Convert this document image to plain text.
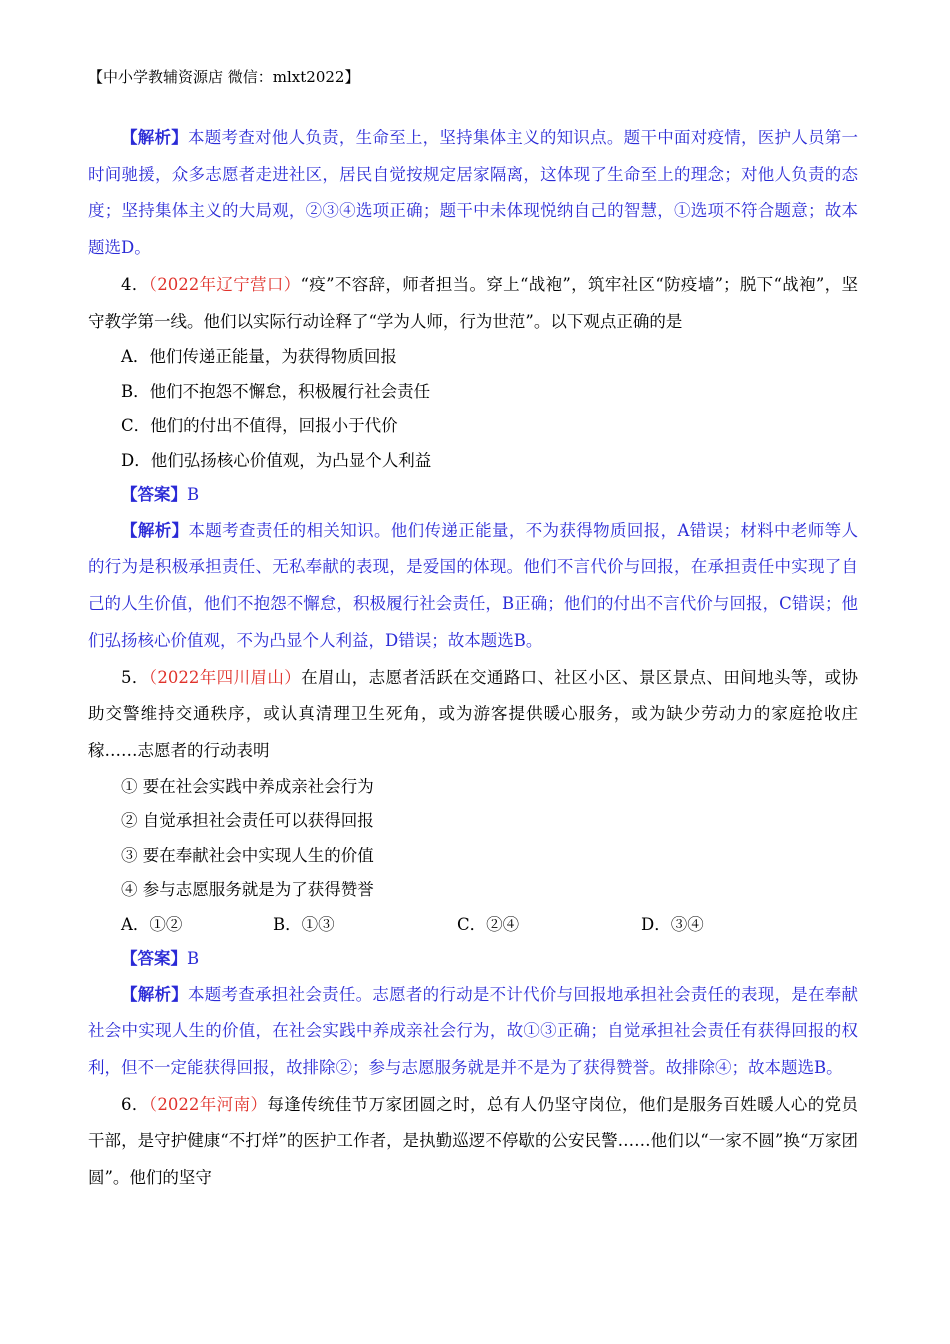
【中小学教辅资源店 微信：mlxt2022】

【解析】本题考查对他人负责，生命至上，坚持集体主义的知识点。题干中面对疫情，医护人员第一时间驰援，众多志愿者走进社区，居民自觉按规定居家隔离，这体现了生命至上的理念；对他人负责的态度；坚持集体主义的大局观，②③④选项正确；题干中未体现悦纳自己的智慧，①选项不符合题意；故本题选D。

4．（2022年辽宁营口）“疫”不容辞，师者担当。穿上“战袍”，筑牢社区“防疫墙”；脱下“战袍”，坚守教学第一线。他们以实际行动诠释了“学为人师，行为世范”。以下观点正确的是

A．他们传递正能量，为获得物质回报
B．他们不抱怨不懈怠，积极履行社会责任
C．他们的付出不值得，回报小于代价
D．他们弘扬核心价值观，为凸显个人利益
【答案】B

【解析】本题考查责任的相关知识。他们传递正能量，不为获得物质回报，A错误；材料中老师等人的行为是积极承担责任、无私奉献的表现，是爱国的体现。他们不言代价与回报，在承担责任中实现了自己的人生价值，他们不抱怨不懈怠，积极履行社会责任，B正确；他们的付出不言代价与回报，C错误；他们弘扬核心价值观，不为凸显个人利益，D错误；故本题选B。

5．（2022年四川眉山）在眉山，志愿者活跃在交通路口、社区小区、景区景点、田间地头等，或协助交警维持交通秩序，或认真清理卫生死角，或为游客提供暖心服务，或为缺少劳动力的家庭抢收庄稼……志愿者的行动表明

① 要在社会实践中养成亲社会行为
② 自觉承担社会责任可以获得回报
③ 要在奉献社会中实现人生的价值
④ 参与志愿服务就是为了获得赞誉
A．①②	B．①③	C．②④	D．③④
【答案】B

【解析】本题考查承担社会责任。志愿者的行动是不计代价与回报地承担社会责任的表现，是在奉献社会中实现人生的价值，在社会实践中养成亲社会行为，故①③正确；自觉承担社会责任有获得回报的权利，但不一定能获得回报，故排除②；参与志愿服务就是并不是为了获得赞誉。故排除④；故本题选B。

6．（2022年河南）每逢传统佳节万家团圆之时，总有人仍坚守岗位，他们是服务百姓暖人心的党员干部，是守护健康“不打烊”的医护工作者，是执勤巡逻不停歇的公安民警……他们以“一家不圆”换“万家团圆”。他们的坚守
